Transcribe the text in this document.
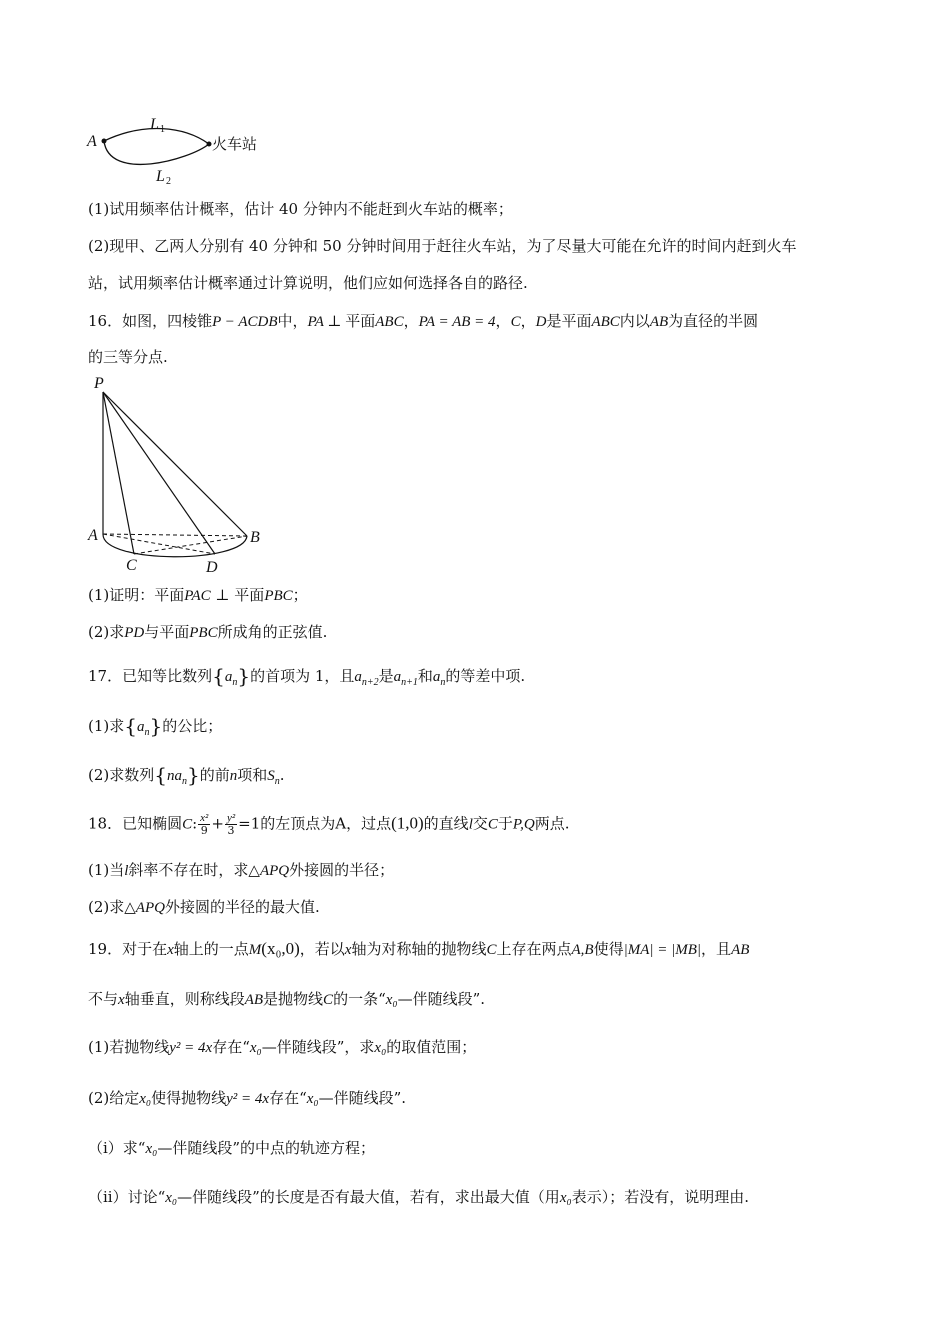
A
L 1
L 2
火车站
(1)试用频率估计概率，估计 40 分钟内不能赶到火车站的概率；
(2)现甲、乙两人分别有 40 分钟和 50 分钟时间用于赶往火车站，为了尽量大可能在允许的时间内赶到火车
站，试用频率估计概率通过计算说明，他们应如何选择各自的路径.
16．如图，四棱锥P − ACDB中，PA ⊥ 平面ABC，PA = AB = 4，C，D是平面ABC内以AB为直径的半圆
的三等分点.
P
A	B
C	D
(1)证明：平面PAC ⊥ 平面PBC；
(2)求PD与平面PBC所成角的正弦值.
17．已知等比数列$\{a_n\}$的首项为 1，且$a_{n+2}$是$a_{n+1}$和$a_n$的等差中项.
(1)求$\{a_n\}$的公比；
(2)求数列$\{na_n\}$的前n项和$S_n$.
18．已知椭圆C: $\frac{\text{x²}}{9} + \frac{\text{y²}}{3} =1$的左顶点为A，过点(1,0)的直线l交C于P,Q两点.
(1)当l斜率不存在时，求△APQ外接圆的半径；
(2)求△APQ外接圆的半径的最大值.
19．对于在x轴上的一点M(x₀,0)，若以x轴为对称轴的抛物线C上存在两点A,B使得|MA| = |MB|，且AB
不与x轴垂直，则称线段AB是抛物线C的一条“x₀—伴随线段”.
(1)若抛物线y² = 4x存在“x₀—伴随线段”，求x₀的取值范围；
(2)给定x₀使得抛物线y² = 4x存在“x₀—伴随线段”.
（i）求“x₀—伴随线段”的中点的轨迹方程；
（ii）讨论“x₀—伴随线段”的长度是否有最大值，若有，求出最大值（用x₀表示）；若没有，说明理由.
